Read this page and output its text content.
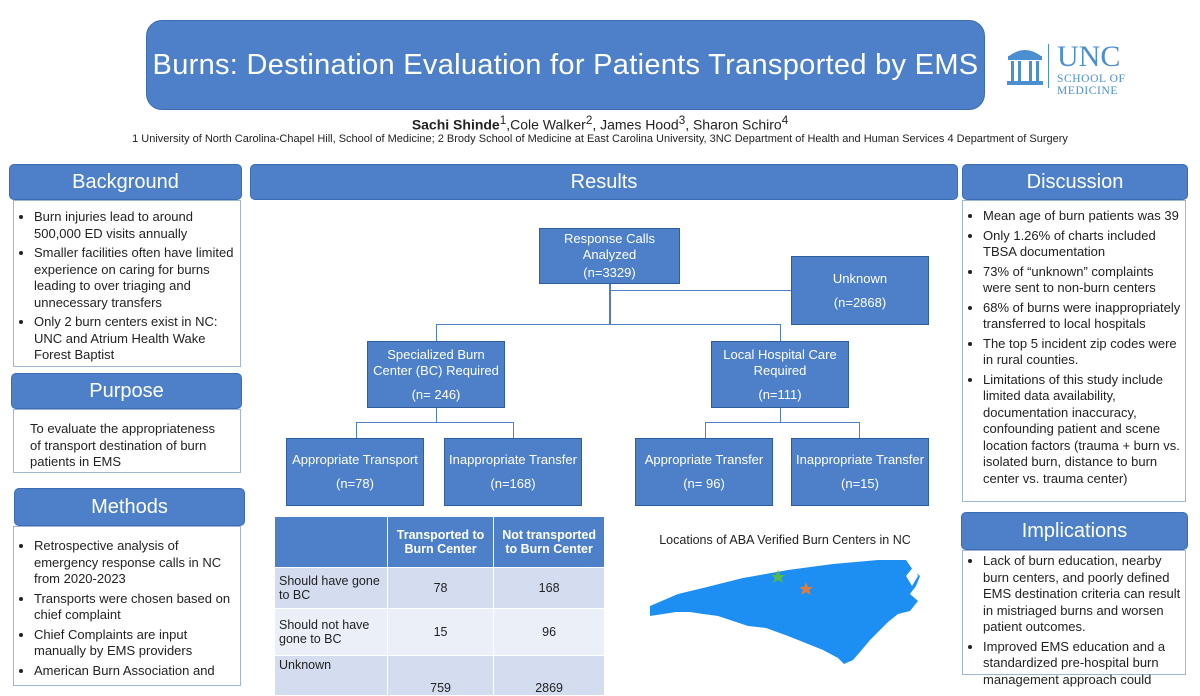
Burns: Destination Evaluation for Patients Transported by EMS	UNC
SCHOOL OF MEDICINE
Sachi Shinde$^1$,Cole Walker$^2$, James Hood$^3$, Sharon Schiro$^4$
1 University of North Carolina-Chapel Hill, School of Medicine; 2 Brody School of Medicine at East Carolina University, 3NC Department of Health and Human Services 4 Department of Surgery
Background
• Burn injuries lead to around 500,000 ED visits annually
• Smaller facilities often have limited experience on caring for burns leading to over triaging and unnecessary transfers
• Only 2 burn centers exist in NC: UNC and Atrium Health Wake Forest Baptist
Purpose
To evaluate the appropriateness of transport destination of burn patients in EMS
Methods
• Retrospective analysis of emergency response calls in NC from 2020-2023
• Transports were chosen based on chief complaint
• Chief Complaints are input manually by EMS providers
• American Burn Association and
Results
Response Calls Analyzed
(n=3329)	Unknown
(n=2868)
Specialized Burn Center (BC) Required
(n= 246)
Local Hospital Care Required
(n=111)
Appropriate Transport
(n=78)
Inappropriate Transfer
(n=168)
Appropriate Transfer
(n= 96)
Inappropriate Transfer
(n=15)
	Transported to Burn Center	Not transported to Burn Center
Should have gone to BC	78	168
Should not have gone to BC	15	96
Unknown	759	2869
Locations of ABA Verified Burn Centers in NC
Discussion
• Mean age of burn patients was 39
• Only 1.26% of charts included TBSA documentation
• 73% of “unknown” complaints were sent to non-burn centers
• 68% of burns were inappropriately transferred to local hospitals
• The top 5 incident zip codes were in rural counties.
• Limitations of this study include limited data availability, documentation inaccuracy, confounding patient and scene location factors (trauma + burn vs. isolated burn, distance to burn center vs. trauma center)
Implications
• Lack of burn education, nearby burn centers, and poorly defined EMS destination criteria can result in mistriaged burns and worsen patient outcomes.
• Improved EMS education and a standardized pre-hospital burn management approach could
